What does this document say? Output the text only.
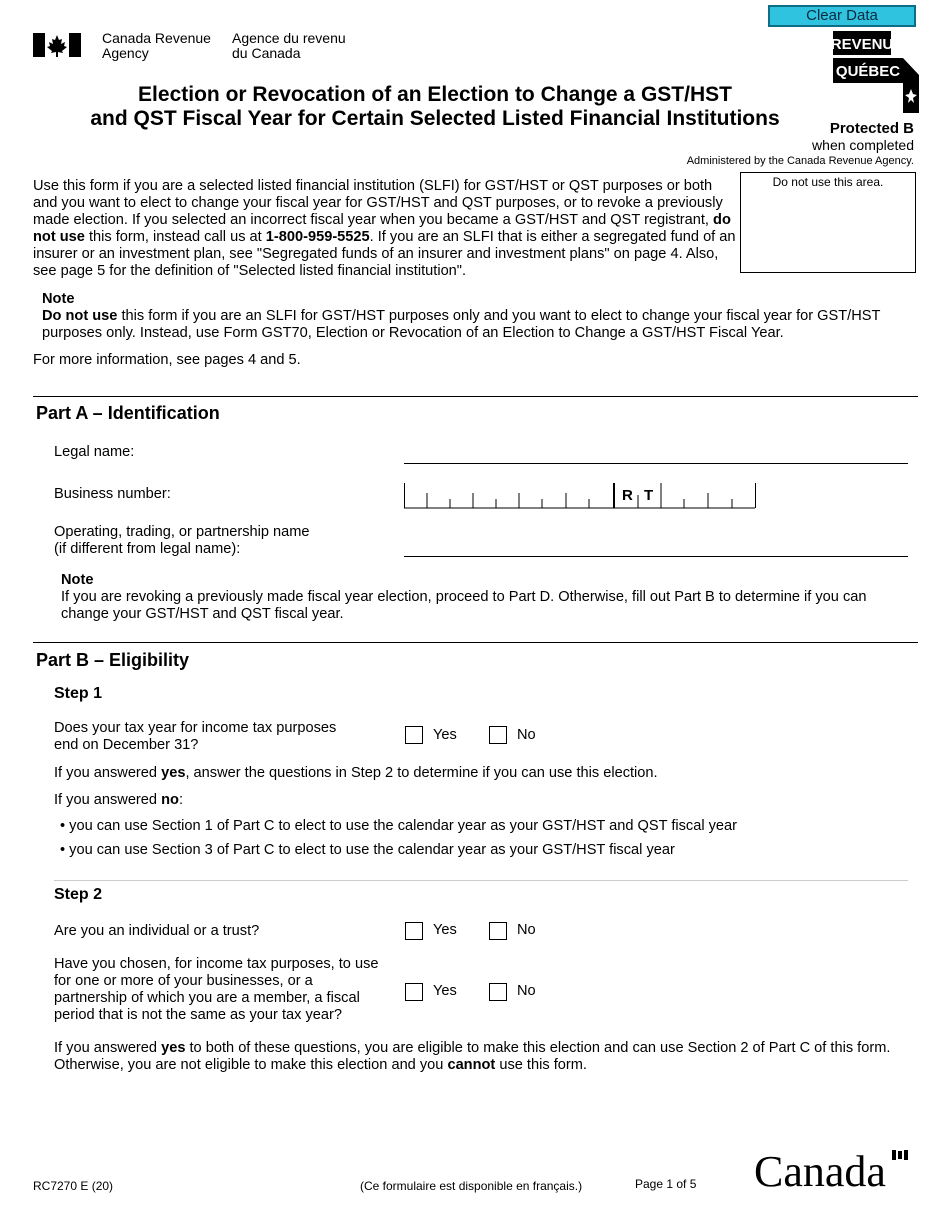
Clear Data
Canada Revenue
Agency
Agence du revenu
du Canada	REVENU
QUÉBEC
Election or Revocation of an Election to Change a GST/HST
and QST Fiscal Year for Certain Selected Listed Financial Institutions	Protected B
when completed
Administered by the Canada Revenue Agency.
Use this form if you are a selected listed financial institution (SLFI) for GST/HST or QST purposes or both and you want to elect to change your fiscal year for GST/HST and QST purposes, or to revoke a previously made election. If you selected an incorrect fiscal year when you became a GST/HST and QST registrant, do not use this form, instead call us at 1-800-959-5525. If you are an SLFI that is either a segregated fund of an insurer or an investment plan, see "Segregated funds of an insurer and investment plans" on page 4. Also, see page 5 for the definition of "Selected listed financial institution".
Do not use this area.
Note
Do not use this form if you are an SLFI for GST/HST purposes only and you want to elect to change your fiscal year for GST/HST purposes only. Instead, use Form GST70, Election or Revocation of an Election to Change a GST/HST Fiscal Year.
For more information, see pages 4 and 5.
Part A – Identification
Legal name:
Business number:	R T
Operating, trading, or partnership name
(if different from legal name):
Note
If you are revoking a previously made fiscal year election, proceed to Part D. Otherwise, fill out Part B to determine if you can change your GST/HST and QST fiscal year.
Part B – Eligibility
Step 1
Does your tax year for income tax purposes
end on December 31?
Yes	No
If you answered yes, answer the questions in Step 2 to determine if you can use this election.
If you answered no:
• you can use Section 1 of Part C to elect to use the calendar year as your GST/HST and QST fiscal year
• you can use Section 3 of Part C to elect to use the calendar year as your GST/HST fiscal year
Step 2
Are you an individual or a trust?	Yes	No
Have you chosen, for income tax purposes, to use
for one or more of your businesses, or a
partnership of which you are a member, a fiscal
period that is not the same as your tax year?
Yes	No
If you answered yes to both of these questions, you are eligible to make this election and can use Section 2 of Part C of this form. Otherwise, you are not eligible to make this election and you cannot use this form.
RC7270 E (20)	(Ce formulaire est disponible en français.)	Page 1 of 5 Canada
